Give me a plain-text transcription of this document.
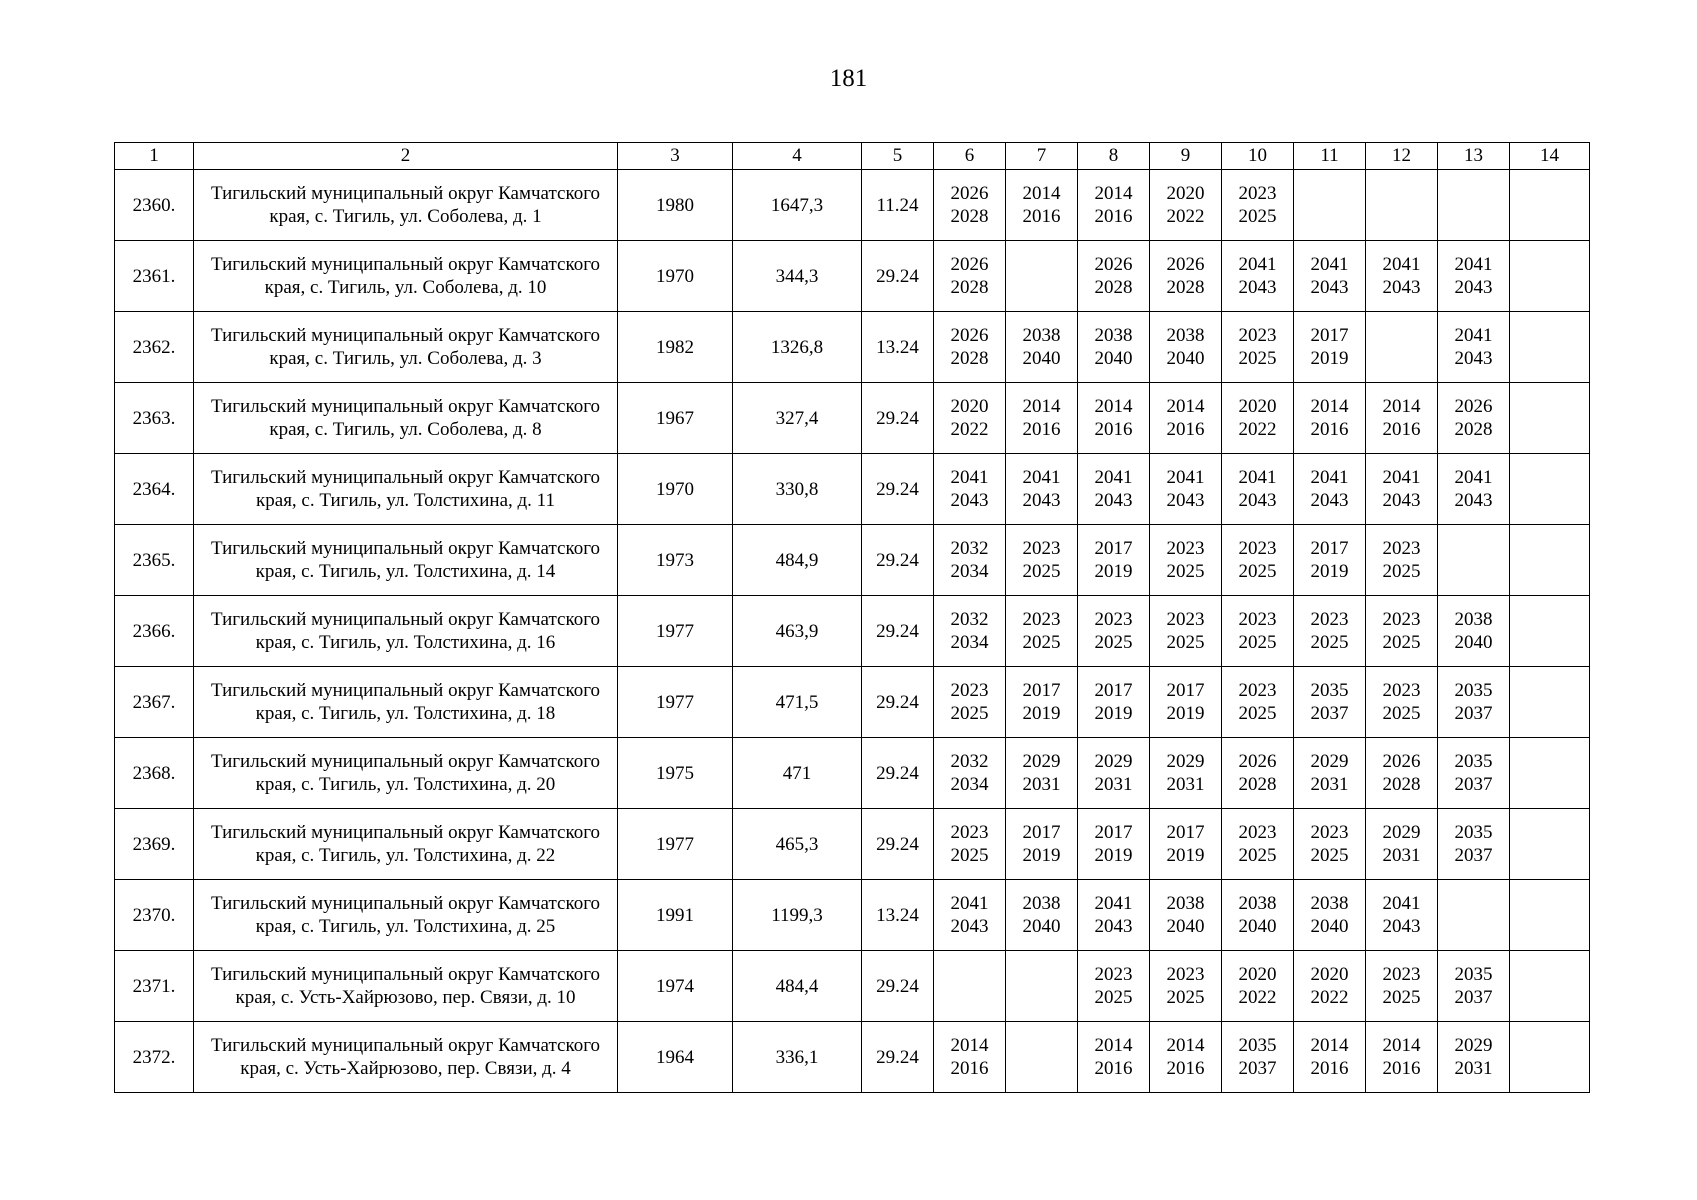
181
1	2	3	4	5	6	7	8	9	10	11	12	13	14
2360.	Тигильский муниципальный округ Камчатского края, с. Тигиль, ул. Соболева, д. 1	1980	1647,3	11.24	2026
2028	2014
2016	2014
2016	2020
2022	2023
2025				

2361.	Тигильский муниципальный округ Камчатского края, с. Тигиль, ул. Соболева, д. 10	1970	344,3	29.24	2026
2028		2026
2028	2026
2028	2041
2043	2041
2043	2041
2043	2041
2043	

2362.	Тигильский муниципальный округ Камчатского края, с. Тигиль, ул. Соболева, д. 3	1982	1326,8	13.24	2026
2028	2038
2040	2038
2040	2038
2040	2023
2025	2017
2019		2041
2043	

2363.	Тигильский муниципальный округ Камчатского края, с. Тигиль, ул. Соболева, д. 8	1967	327,4	29.24	2020
2022	2014
2016	2014
2016	2014
2016	2020
2022	2014
2016	2014
2016	2026
2028	

2364.	Тигильский муниципальный округ Камчатского края, с. Тигиль, ул. Толстихина, д. 11	1970	330,8	29.24	2041
2043	2041
2043	2041
2043	2041
2043	2041
2043	2041
2043	2041
2043	2041
2043	

2365.	Тигильский муниципальный округ Камчатского края, с. Тигиль, ул. Толстихина, д. 14	1973	484,9	29.24	2032
2034	2023
2025	2017
2019	2023
2025	2023
2025	2017
2019	2023
2025		

2366.	Тигильский муниципальный округ Камчатского края, с. Тигиль, ул. Толстихина, д. 16	1977	463,9	29.24	2032
2034	2023
2025	2023
2025	2023
2025	2023
2025	2023
2025	2023
2025	2038
2040	

2367.	Тигильский муниципальный округ Камчатского края, с. Тигиль, ул. Толстихина, д. 18	1977	471,5	29.24	2023
2025	2017
2019	2017
2019	2017
2019	2023
2025	2035
2037	2023
2025	2035
2037	

2368.	Тигильский муниципальный округ Камчатского края, с. Тигиль, ул. Толстихина, д. 20	1975	471	29.24	2032
2034	2029
2031	2029
2031	2029
2031	2026
2028	2029
2031	2026
2028	2035
2037	

2369.	Тигильский муниципальный округ Камчатского края, с. Тигиль, ул. Толстихина, д. 22	1977	465,3	29.24	2023
2025	2017
2019	2017
2019	2017
2019	2023
2025	2023
2025	2029
2031	2035
2037	

2370.	Тигильский муниципальный округ Камчатского края, с. Тигиль, ул. Толстихина, д. 25	1991	1199,3	13.24	2041
2043	2038
2040	2041
2043	2038
2040	2038
2040	2038
2040	2041
2043		

2371.	Тигильский муниципальный округ Камчатского края, с. Усть-Хайрюзово, пер. Связи, д. 10	1974	484,4	29.24			2023
2025	2023
2025	2020
2022	2020
2022	2023
2025	2035
2037	

2372.	Тигильский муниципальный округ Камчатского края, с. Усть-Хайрюзово, пер. Связи, д. 4	1964	336,1	29.24	2014
2016		2014
2016	2014
2016	2035
2037	2014
2016	2014
2016	2029
2031	
